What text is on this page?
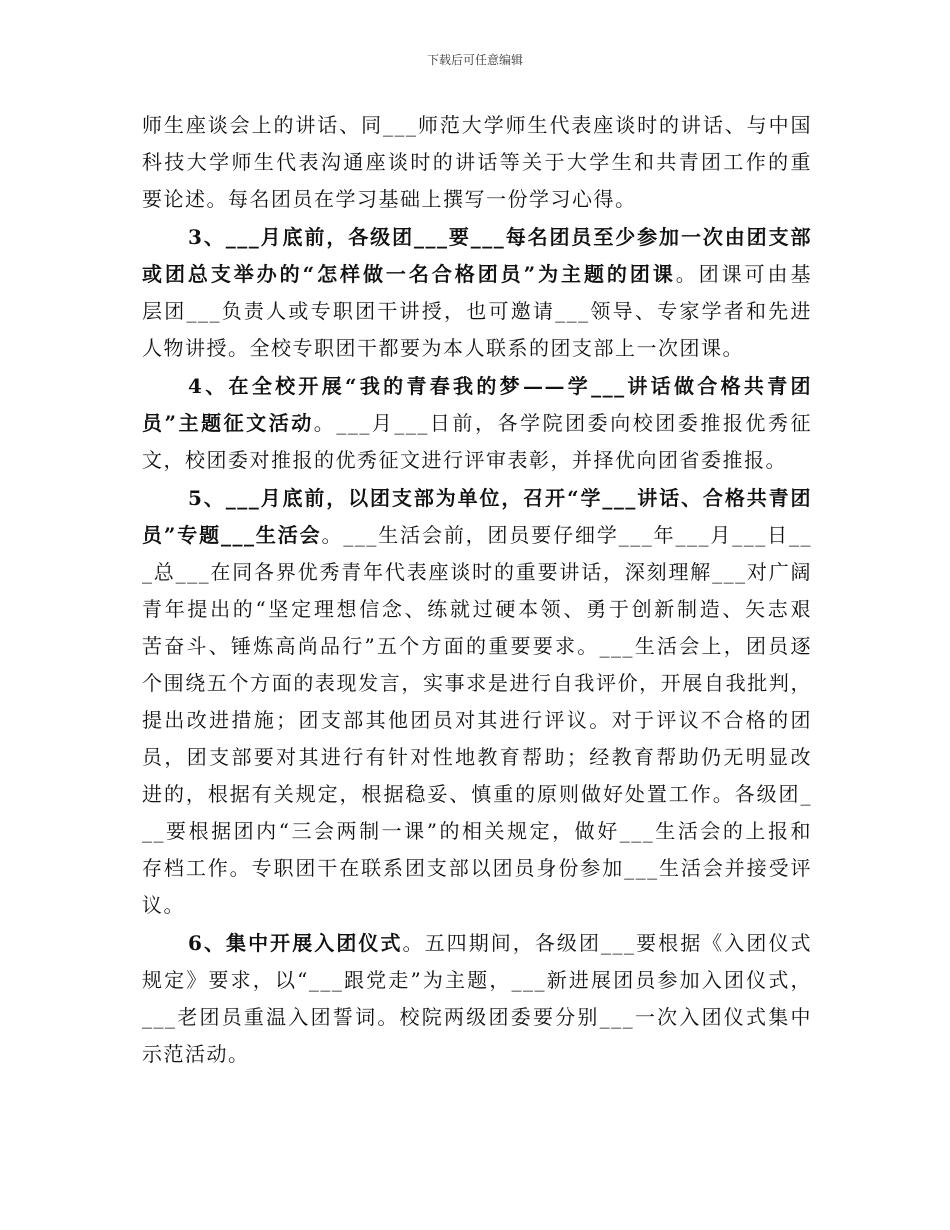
下载后可任意编辑
师生座谈会上的讲话、同___师范大学师生代表座谈时的讲话、与中国
科技大学师生代表沟通座谈时的讲话等关于大学生和共青团工作的重
要论述。每名团员在学习基础上撰写一份学习心得。
3、___月底前，各级团___要___每名团员至少参加一次由团支部
或团总支举办的“怎样做一名合格团员”为主题的团课。团课可由基
层团___负责人或专职团干讲授，也可邀请___领导、专家学者和先进
人物讲授。全校专职团干都要为本人联系的团支部上一次团课。
4、在全校开展“我的青春我的梦——学___讲话做合格共青团
员”主题征文活动。___月___日前，各学院团委向校团委推报优秀征
文，校团委对推报的优秀征文进行评审表彰，并择优向团省委推报。
5、___月底前，以团支部为单位，召开“学___讲话、合格共青团
员”专题___生活会。___生活会前，团员要仔细学___年___月___日__
_总___在同各界优秀青年代表座谈时的重要讲话，深刻理解___对广阔
青年提出的“坚定理想信念、练就过硬本领、勇于创新制造、矢志艰
苦奋斗、锤炼高尚品行”五个方面的重要要求。___生活会上，团员逐
个围绕五个方面的表现发言，实事求是进行自我评价，开展自我批判，
提出改进措施；团支部其他团员对其进行评议。对于评议不合格的团
员，团支部要对其进行有针对性地教育帮助；经教育帮助仍无明显改
进的，根据有关规定，根据稳妥、慎重的原则做好处置工作。各级团_
__要根据团内“三会两制一课”的相关规定，做好___生活会的上报和
存档工作。专职团干在联系团支部以团员身份参加___生活会并接受评
议。
6、集中开展入团仪式。五四期间，各级团___要根据《入团仪式
规定》要求，以“___跟党走”为主题，___新进展团员参加入团仪式，
___老团员重温入团誓词。校院两级团委要分别___一次入团仪式集中
示范活动。
